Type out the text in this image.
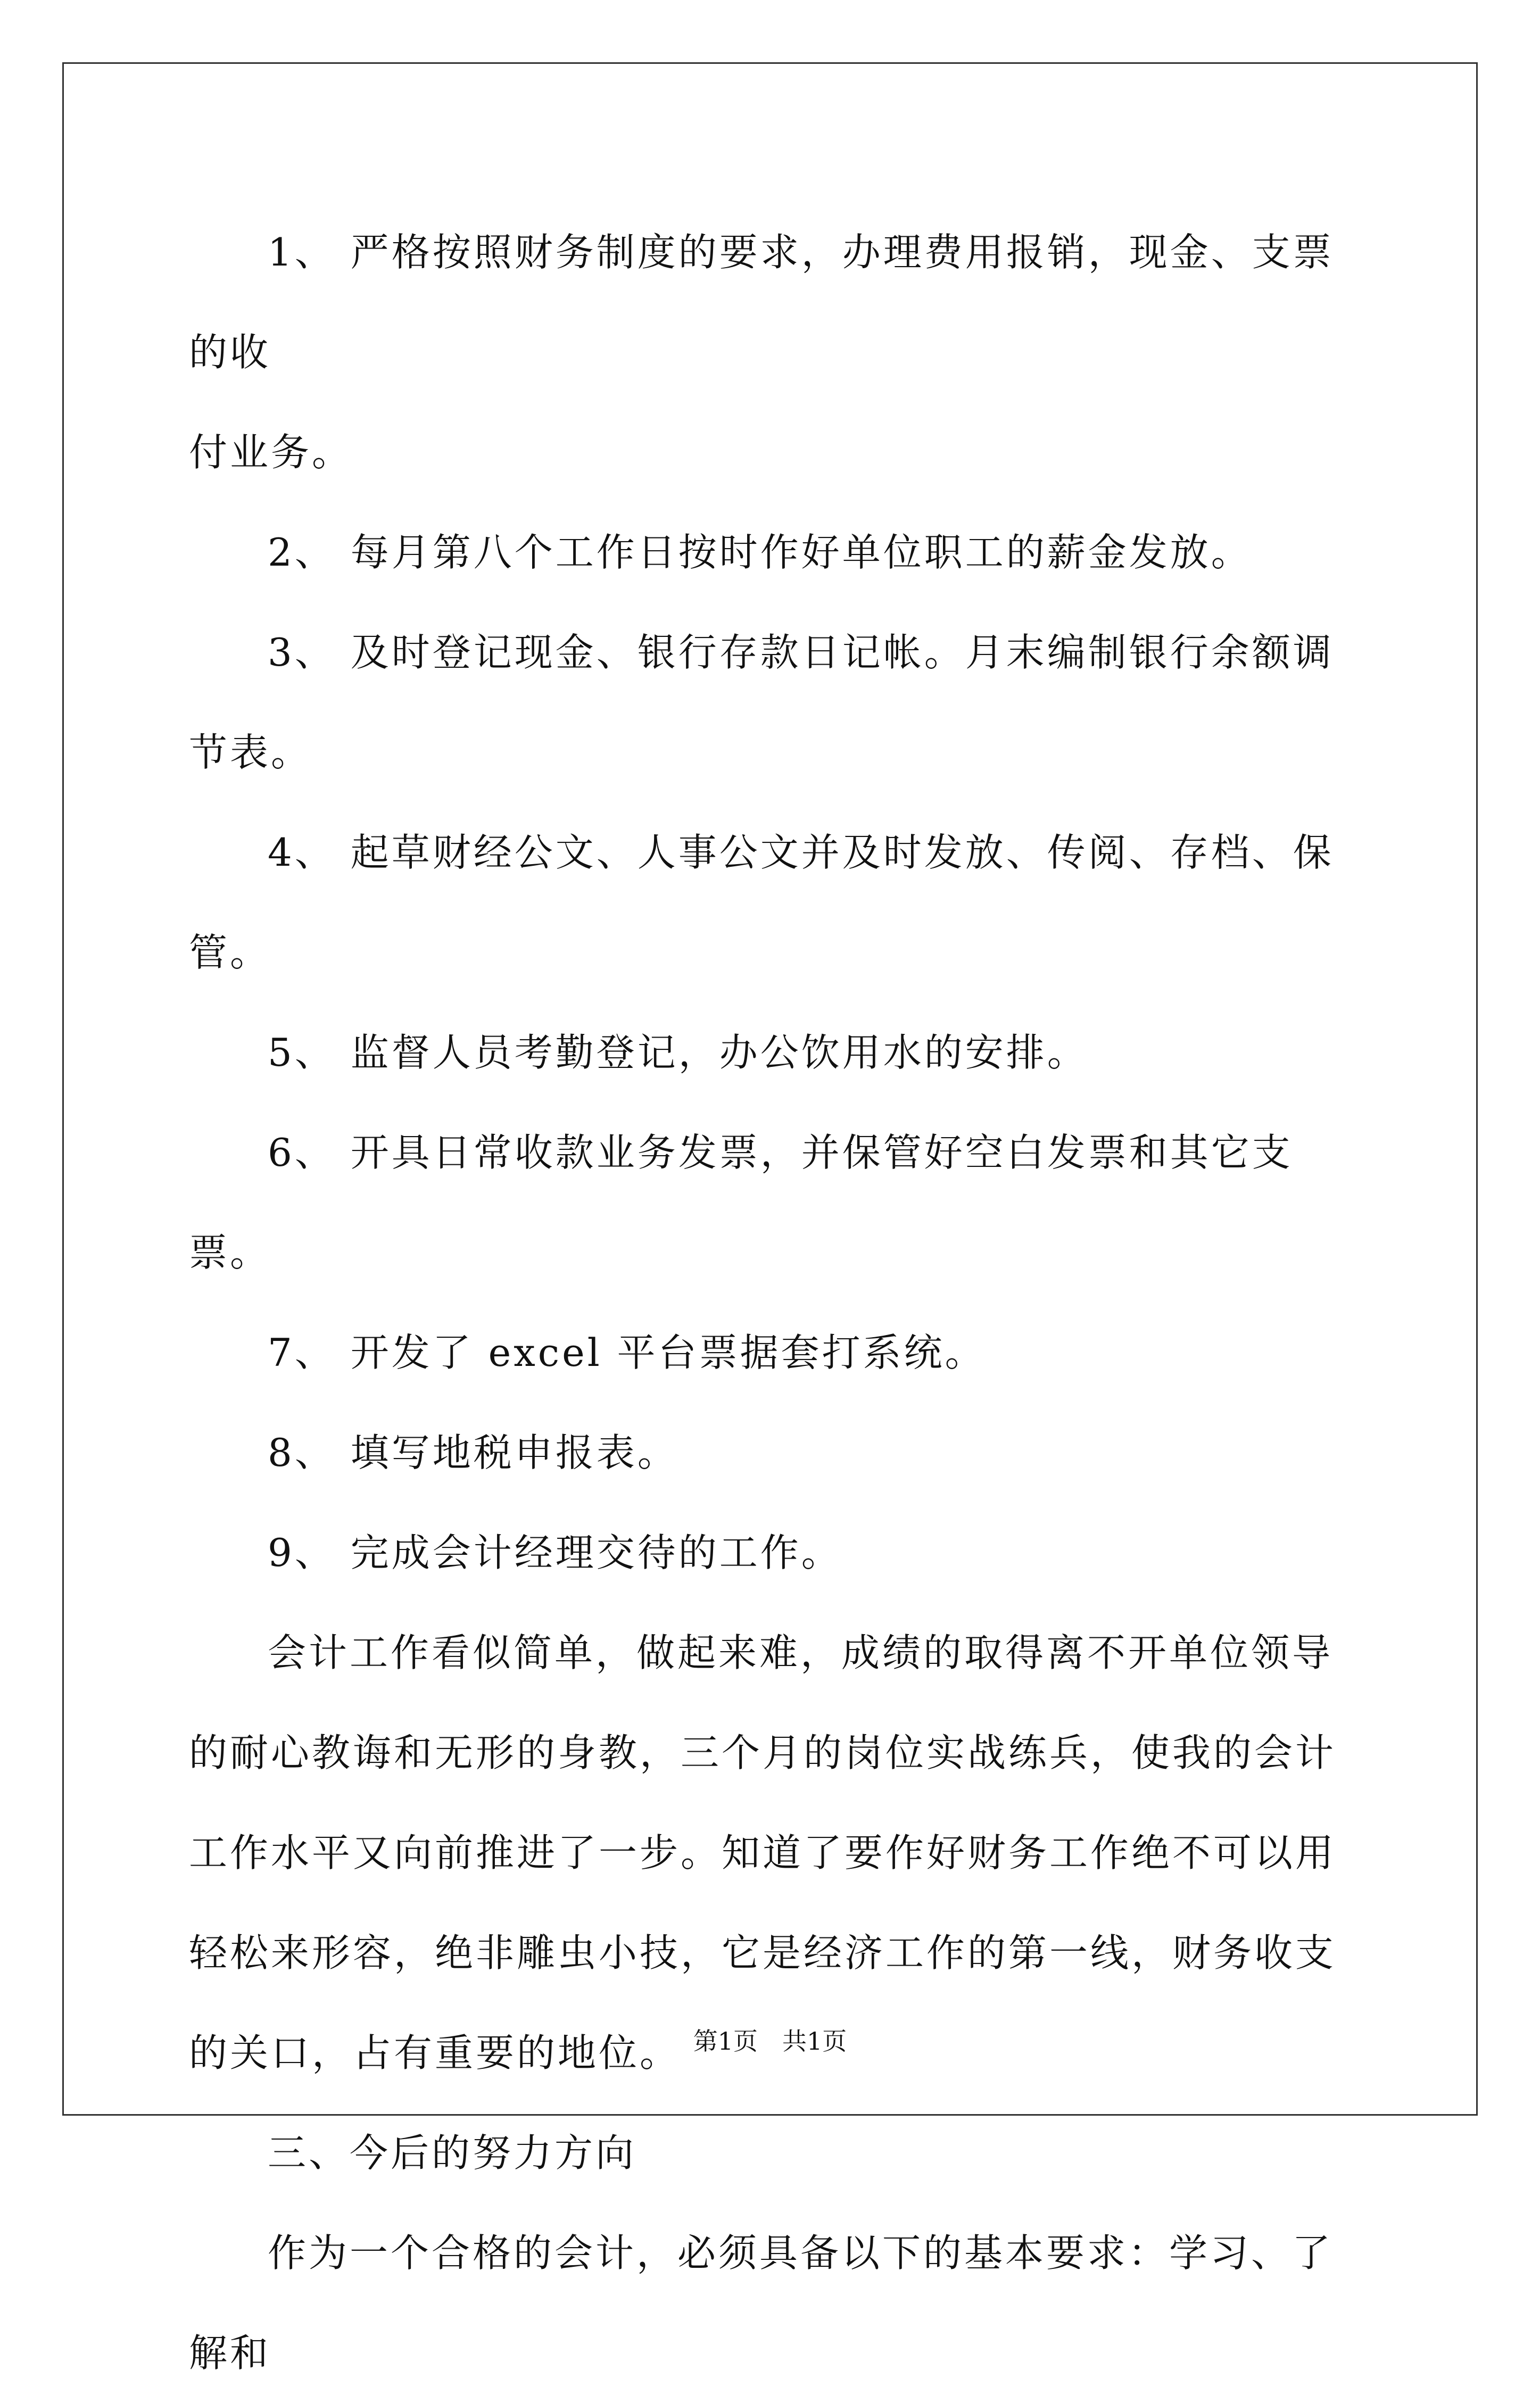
1、 严格按照财务制度的要求，办理费用报销，现金、支票的收

付业务。

2、 每月第八个工作日按时作好单位职工的薪金发放。

3、 及时登记现金、银行存款日记帐。月末编制银行余额调节表。

4、 起草财经公文、人事公文并及时发放、传阅、存档、保管。

5、 监督人员考勤登记，办公饮用水的安排。

6、 开具日常收款业务发票，并保管好空白发票和其它支票。

7、 开发了 excel 平台票据套打系统。

8、 填写地税申报表。

9、 完成会计经理交待的工作。

会计工作看似简单，做起来难，成绩的取得离不开单位领导的耐心教诲和无形的身教，三个月的岗位实战练兵，使我的会计工作水平又向前推进了一步。知道了要作好财务工作绝不可以用轻松来形容，绝非雕虫小技，它是经济工作的第一线，财务收支的关口，占有重要的地位。

三、今后的努力方向

作为一个合格的会计，必须具备以下的基本要求：学习、了解和

第1页　共1页
